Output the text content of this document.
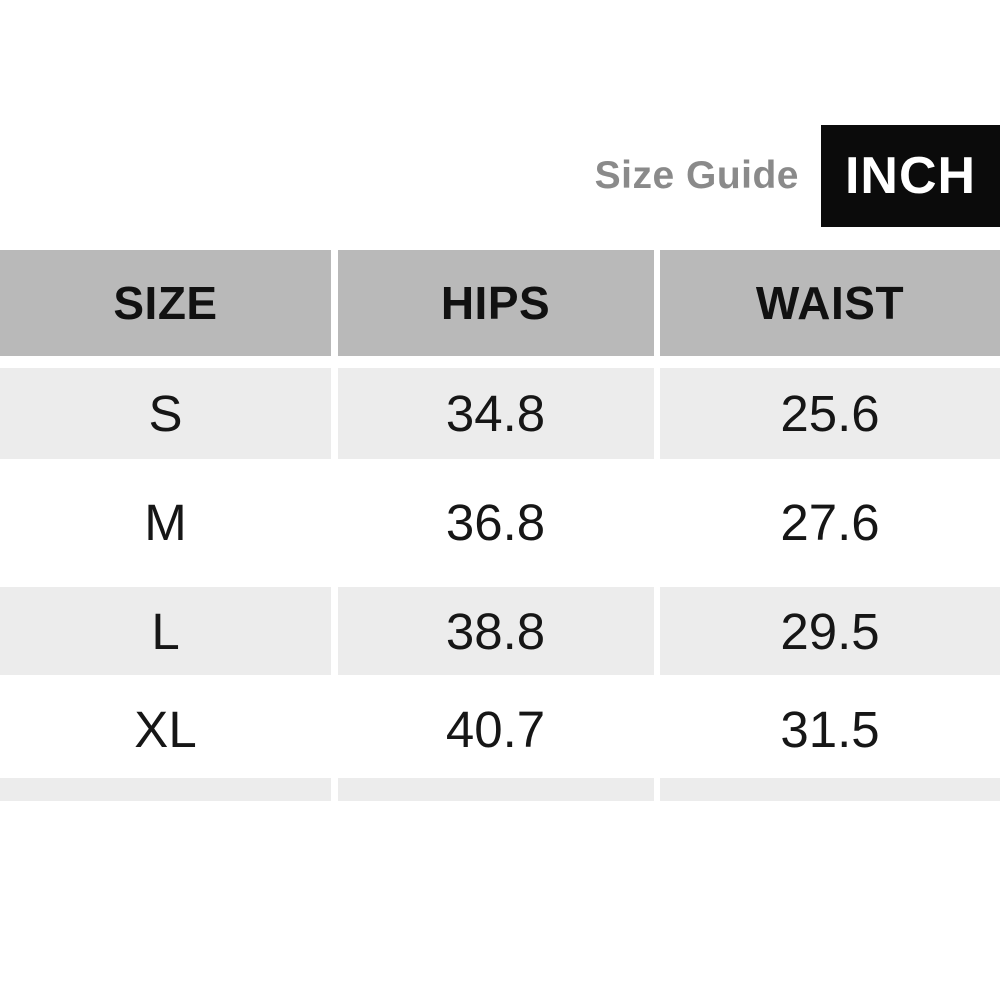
Size Guide INCH
SIZE	HIPS	WAIST
S	34.8	25.6
M	36.8	27.6
L	38.8	29.5
XL	40.7	31.5
